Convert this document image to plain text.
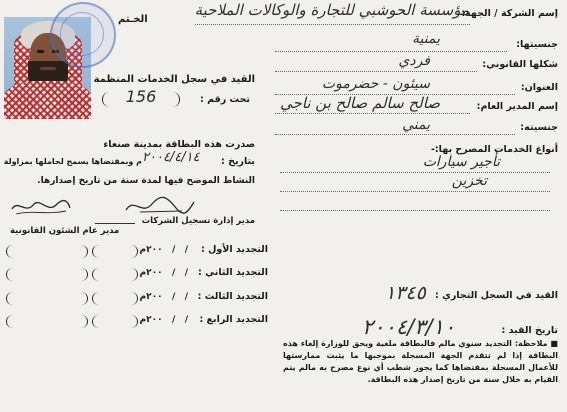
الخـتم
إسم الشركة / الجهة:
مؤسسة الحوشبي للتجارة والوكالات الملاحية
جنسيتها:
يمنية
شكلها القانوني:
فردي
العنوان:
سيئون - حضرموت
إسم المدير العام:
صالح سالم صالح بن ناجي
جنسيته:
يمني
أنواع الخدمات المصرح بها:-
تأجير سيارات
تخزين
القيد في سجل الخدمات المنظمة
تحت رقم :
156
صدرت هذه البطاقة بمدينة صنعاء
بتاريخ :
٢٠٠٤/٤/١٤
م وبمقتضاها يسمح لحاملها بمزاولة
النشاط الموضح فيها لمدة سنة من تاريخ إصدارها.
مدير إدارة تسجيل الشركات
مدير عام الشئون القانونية
التجديد الأول :
/   /   ٢٠٠م
التجديد الثاني :
/   /   ٢٠٠م
التجديد الثالث :
/   /   ٢٠٠م
التجديد الرابع :
/   /   ٢٠٠م
القيد في السجل التجاري :
١٣٤٥
تاريخ القيد :
٢٠٠٤/٣/١٠
■ ملاحظة: التجديد سنوي مالم فالبطاقة ملغية ويحق للوزارة إلغاء هذه البطاقة إذا لم تتقدم الجهة المسجلة بموجبها ما يثبت ممارستها للأعمال المسجلة بمقتضاها كما يجوز شطب أي نوع مصرح به مالم يتم القيام به خلال سنة من تاريخ إصدار هذه البطاقة.
